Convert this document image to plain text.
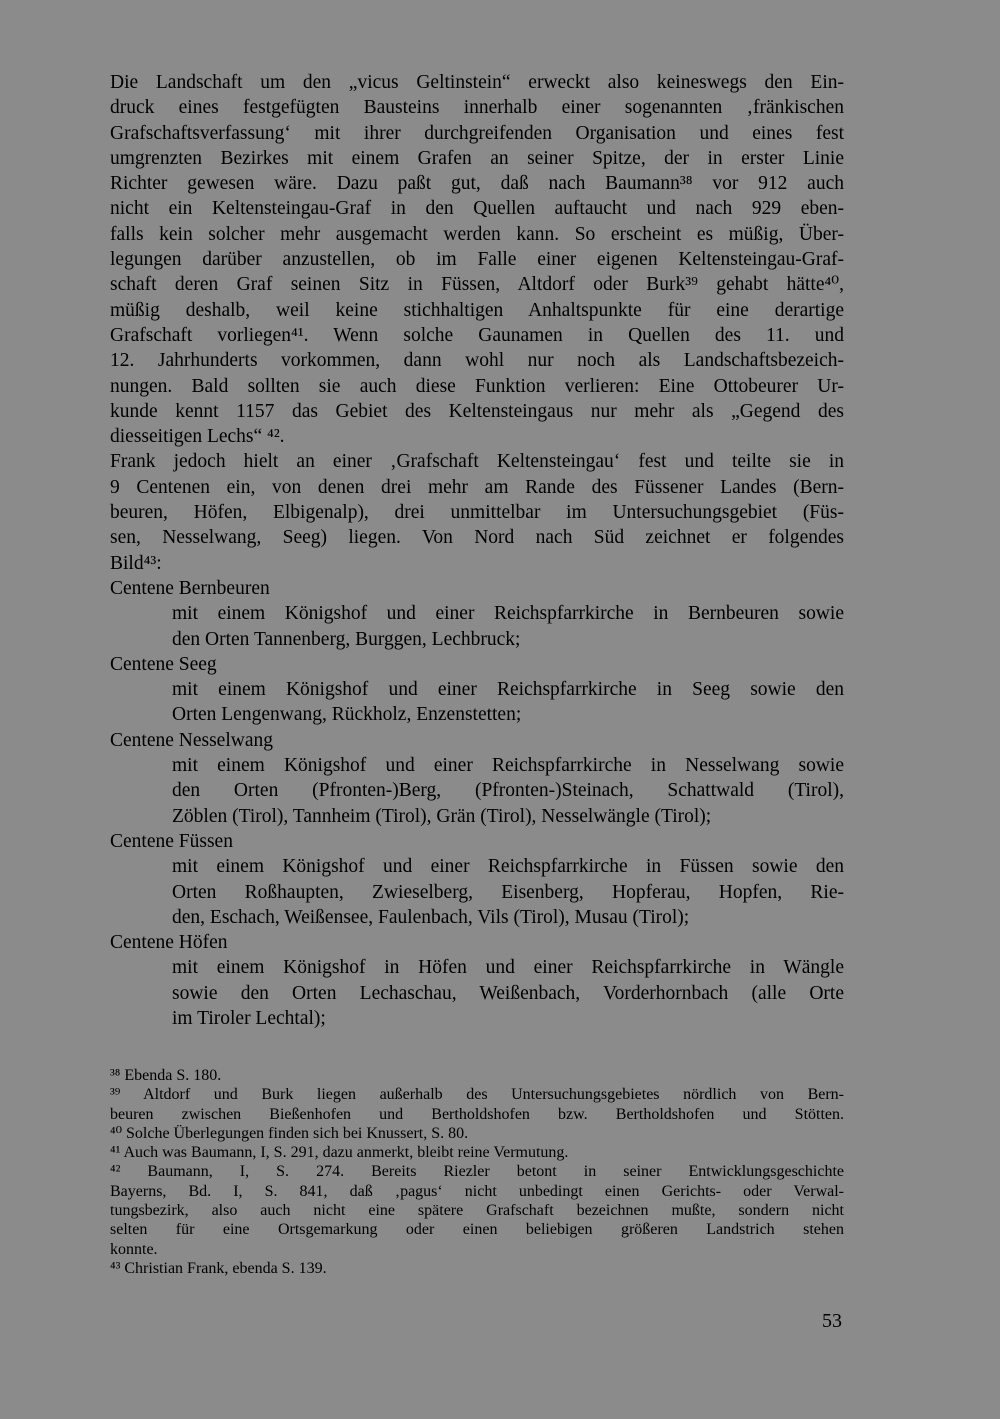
Die Landschaft um den „vicus Geltinstein“ erweckt also keineswegs den Ein-
druck eines festgefügten Bausteins innerhalb einer sogenannten ‚fränkischen
Grafschaftsverfassung‘ mit ihrer durchgreifenden Organisation und eines fest
umgrenzten Bezirkes mit einem Grafen an seiner Spitze, der in erster Linie
Richter gewesen wäre. Dazu paßt gut, daß nach Baumann³⁸ vor 912 auch
nicht ein Keltensteingau-Graf in den Quellen auftaucht und nach 929 eben-
falls kein solcher mehr ausgemacht werden kann. So erscheint es müßig, Über-
legungen darüber anzustellen, ob im Falle einer eigenen Keltensteingau-Graf-
schaft deren Graf seinen Sitz in Füssen, Altdorf oder Burk³⁹ gehabt hätte⁴⁰,
müßig deshalb, weil keine stichhaltigen Anhaltspunkte für eine derartige
Grafschaft vorliegen⁴¹. Wenn solche Gaunamen in Quellen des 11. und
12. Jahrhunderts vorkommen, dann wohl nur noch als Landschaftsbezeich-
nungen. Bald sollten sie auch diese Funktion verlieren: Eine Ottobeurer Ur-
kunde kennt 1157 das Gebiet des Keltensteingaus nur mehr als „Gegend des
diesseitigen Lechs“ ⁴².
Frank jedoch hielt an einer ‚Grafschaft Keltensteingau‘ fest und teilte sie in
9 Centenen ein, von denen drei mehr am Rande des Füssener Landes (Bern-
beuren, Höfen, Elbigenalp), drei unmittelbar im Untersuchungsgebiet (Füs-
sen, Nesselwang, Seeg) liegen. Von Nord nach Süd zeichnet er folgendes
Bild⁴³:
Centene Bernbeuren
mit einem Königshof und einer Reichspfarrkirche in Bernbeuren sowie
den Orten Tannenberg, Burggen, Lechbruck;
Centene Seeg
mit einem Königshof und einer Reichspfarrkirche in Seeg sowie den
Orten Lengenwang, Rückholz, Enzenstetten;
Centene Nesselwang
mit einem Königshof und einer Reichspfarrkirche in Nesselwang sowie
den Orten (Pfronten-)Berg, (Pfronten-)Steinach, Schattwald (Tirol),
Zöblen (Tirol), Tannheim (Tirol), Grän (Tirol), Nesselwängle (Tirol);
Centene Füssen
mit einem Königshof und einer Reichspfarrkirche in Füssen sowie den
Orten Roßhaupten, Zwieselberg, Eisenberg, Hopferau, Hopfen, Rie-
den, Eschach, Weißensee, Faulenbach, Vils (Tirol), Musau (Tirol);
Centene Höfen
mit einem Königshof in Höfen und einer Reichspfarrkirche in Wängle
sowie den Orten Lechaschau, Weißenbach, Vorderhornbach (alle Orte
im Tiroler Lechtal);
³⁸ Ebenda S. 180.
³⁹ Altdorf und Burk liegen außerhalb des Untersuchungsgebietes nördlich von Bern-
beuren zwischen Bießenhofen und Bertholdshofen bzw. Bertholdshofen und Stötten.
⁴⁰ Solche Überlegungen finden sich bei Knussert, S. 80.
⁴¹ Auch was Baumann, I, S. 291, dazu anmerkt, bleibt reine Vermutung.
⁴² Baumann, I, S. 274. Bereits Riezler betont in seiner Entwicklungsgeschichte
Bayerns, Bd. I, S. 841, daß ‚pagus‘ nicht unbedingt einen Gerichts- oder Verwal-
tungsbezirk, also auch nicht eine spätere Grafschaft bezeichnen mußte, sondern nicht
selten für eine Ortsgemarkung oder einen beliebigen größeren Landstrich stehen
konnte.
⁴³ Christian Frank, ebenda S. 139.
53
